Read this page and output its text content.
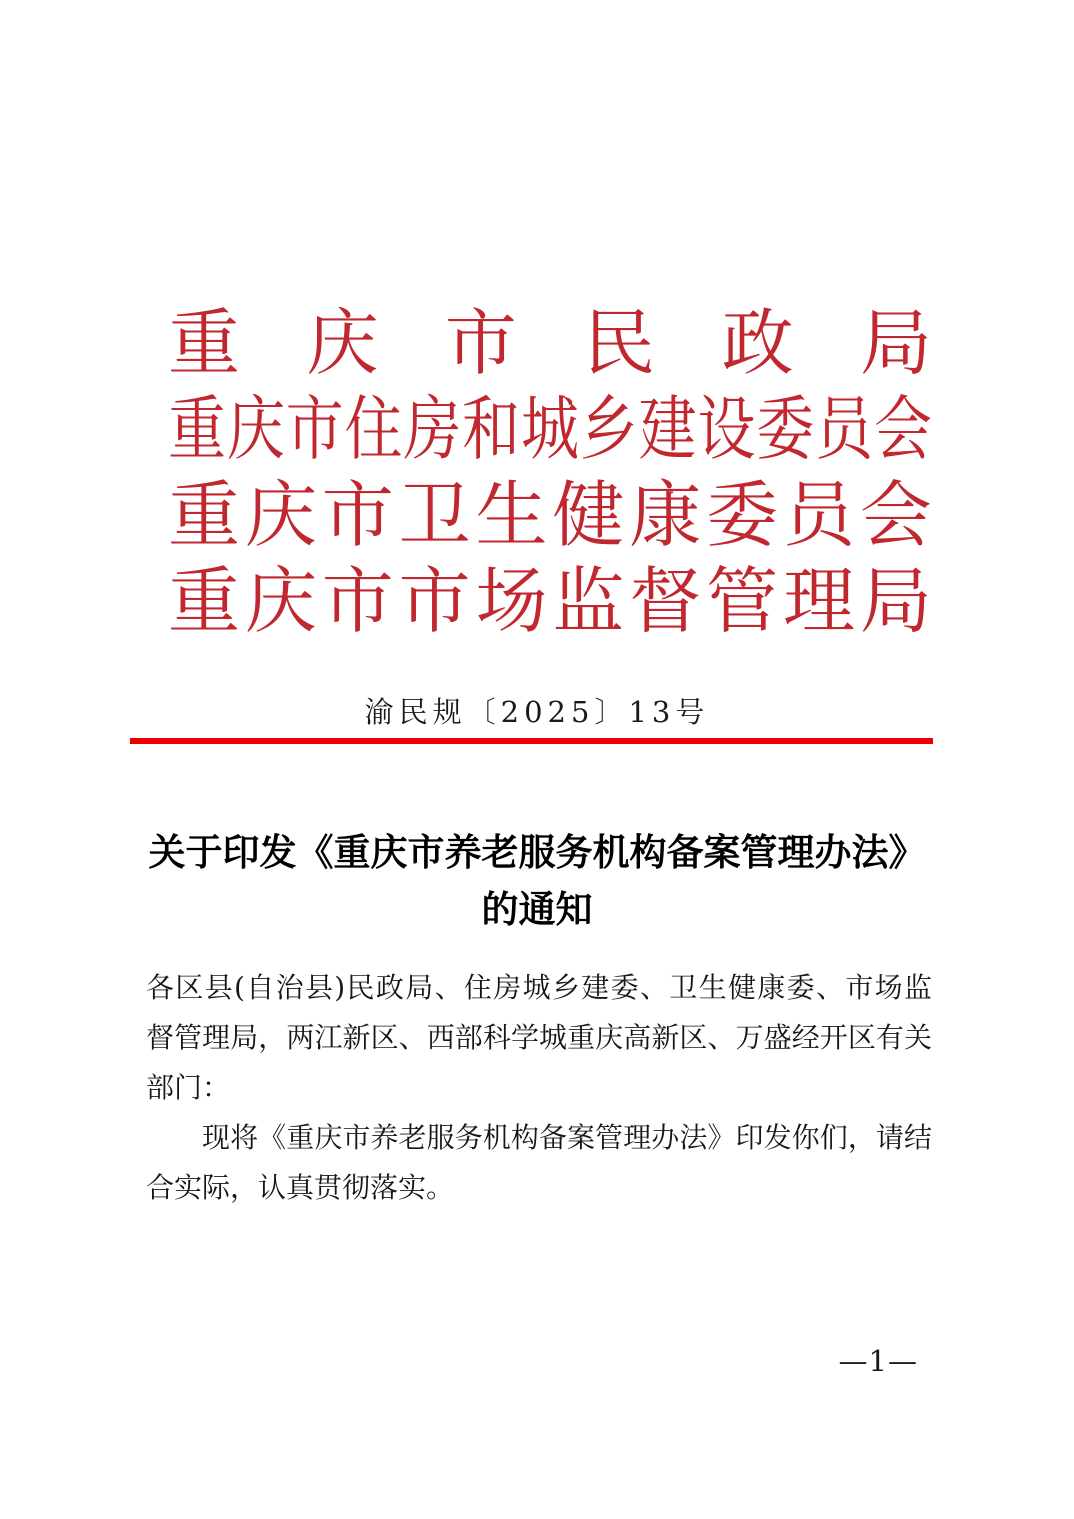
重 庆 市 民 政 局
重 庆 市 住 房 和 城 乡 建 设 委 员 会
重 庆 市 卫 生 健 康 委 员 会
重 庆 市 市 场 监 督 管 理 局
渝民规〔2025〕13号
关于印发《重庆市养老服务机构备案管理办法》
的通知
各区县(自治县)民政局、住房城乡建委、卫生健康委、市场监
督管理局，两江新区、西部科学城重庆高新区、万盛经开区有关
部门：
现将《重庆市养老服务机构备案管理办法》印发你们，请结
合实际，认真贯彻落实。
—1—
